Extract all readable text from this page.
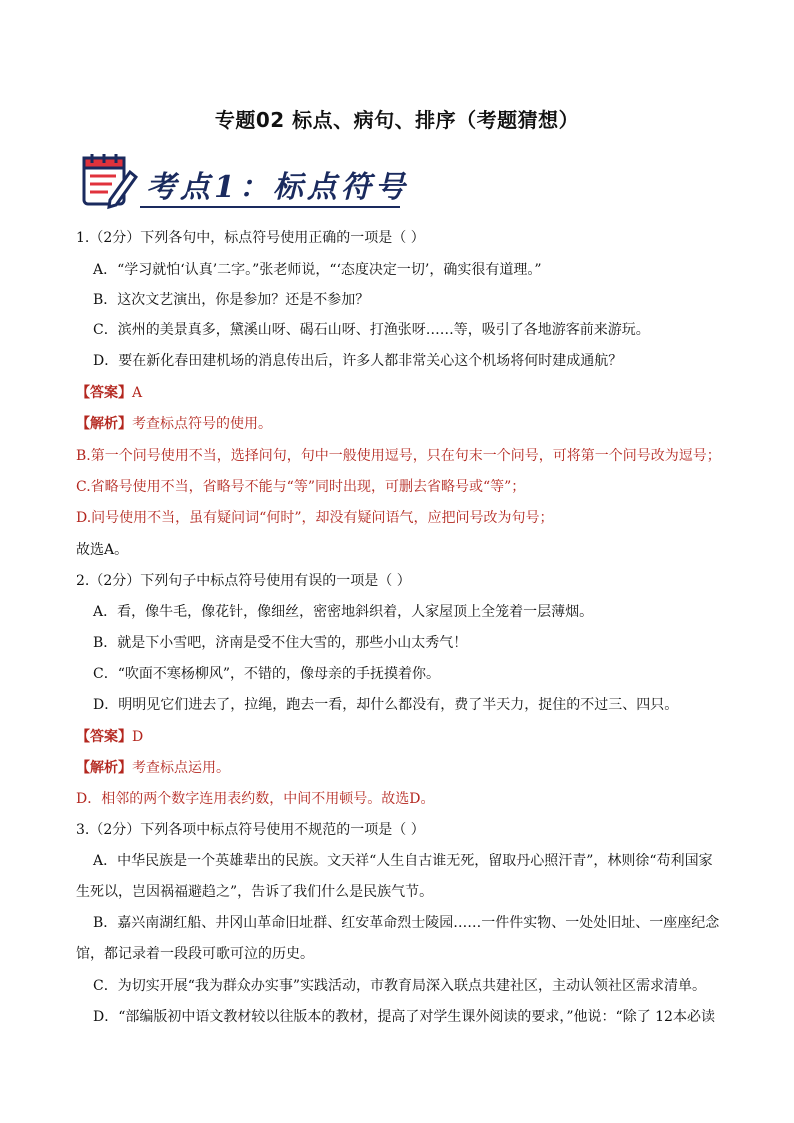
专题02 标点、病句、排序（考题猜想）
考点1：标点符号
1.（2分）下列各句中，标点符号使用正确的一项是（ ）
A．“学习就怕‘认真’二字。”张老师说，“‘态度决定一切’，确实很有道理。”
B．这次文艺演出，你是参加？还是不参加？
C．滨州的美景真多，黛溪山呀、碣石山呀、打渔张呀……等，吸引了各地游客前来游玩。
D．要在新化春田建机场的消息传出后，许多人都非常关心这个机场将何时建成通航？
【答案】A
【解析】考查标点符号的使用。
B.第一个问号使用不当，选择问句，句中一般使用逗号，只在句末一个问号，可将第一个问号改为逗号；
C.省略号使用不当，省略号不能与“等”同时出现，可删去省略号或“等”；
D.问号使用不当，虽有疑问词“何时”，却没有疑问语气，应把问号改为句号；
故选A。
2.（2分）下列句子中标点符号使用有误的一项是（ ）
A．看，像牛毛，像花针，像细丝，密密地斜织着，人家屋顶上全笼着一层薄烟。
B．就是下小雪吧，济南是受不住大雪的，那些小山太秀气！
C．“吹面不寒杨柳风”，不错的，像母亲的手抚摸着你。
D．明明见它们进去了，拉绳，跑去一看，却什么都没有，费了半天力，捉住的不过三、四只。
【答案】D
【解析】考查标点运用。
D．相邻的两个数字连用表约数，中间不用顿号。故选D。
3.（2分）下列各项中标点符号使用不规范的一项是（ ）
A．中华民族是一个英雄辈出的民族。文天祥“人生自古谁无死，留取丹心照汗青”，林则徐“苟利国家
生死以，岂因祸福避趋之”，告诉了我们什么是民族气节。
B．嘉兴南湖红船、井冈山革命旧址群、红安革命烈士陵园……一件件实物、一处处旧址、一座座纪念
馆，都记录着一段段可歌可泣的历史。
C．为切实开展“我为群众办实事”实践活动，市教育局深入联点共建社区，主动认领社区需求清单。
D．“部编版初中语文教材较以往版本的教材，提高了对学生课外阅读的要求，”他说：“除了 12本必读
